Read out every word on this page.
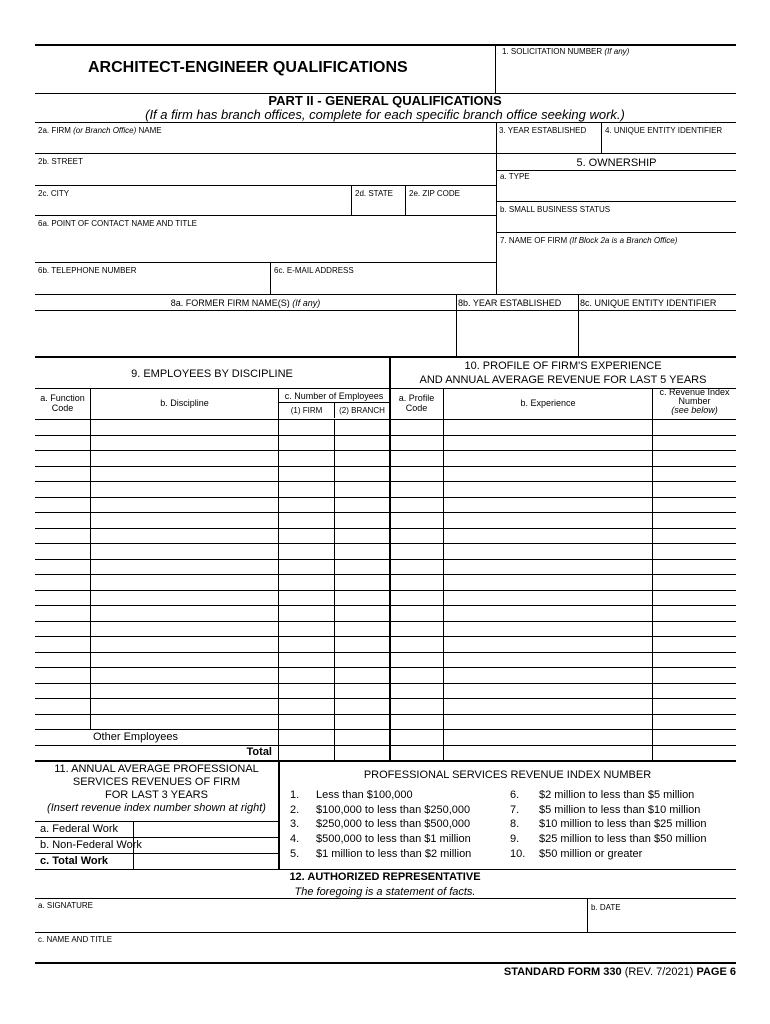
ARCHITECT-ENGINEER QUALIFICATIONS
1. SOLICITATION NUMBER (If any)
PART II - GENERAL QUALIFICATIONS
(If a firm has branch offices, complete for each specific branch office seeking work.)
2a. FIRM (or Branch Office) NAME	3. YEAR ESTABLISHED 4. UNIQUE ENTITY IDENTIFIER
2b. STREET	5. OWNERSHIP
a. TYPE
2c. CITY	2d. STATE 2e. ZIP CODE
b. SMALL BUSINESS STATUS
6a. POINT OF CONTACT NAME AND TITLE
7. NAME OF FIRM (If Block 2a is a Branch Office)
6b. TELEPHONE NUMBER	6c. E-MAIL ADDRESS
8a. FORMER FIRM NAME(S) (If any)	8b. YEAR ESTABLISHED 8c. UNIQUE ENTITY IDENTIFIER
9. EMPLOYEES BY DISCIPLINE
10. PROFILE OF FIRM'S EXPERIENCE
AND ANNUAL AVERAGE REVENUE FOR LAST 5 YEARS
a. Function
Code	b. Discipline
c. Number of Employees
(1) FIRM	(2) BRANCH
a. Profile
Code	b. Experience
c. Revenue Index
Number
(see below)
Other Employees
Total
11. ANNUAL AVERAGE PROFESSIONAL
SERVICES REVENUES OF FIRM
FOR LAST 3 YEARS
(Insert revenue index number shown at right)
a. Federal Work
b. Non-Federal Work
c. Total Work
PROFESSIONAL SERVICES REVENUE INDEX NUMBER
1. Less than $100,000
2. $100,000 to less than $250,000
3. $250,000 to less than $500,000
4. $500,000 to less than $1 million
5. $1 million to less than $2 million
6. $2 million to less than $5 million
7. $5 million to less than $10 million
8. $10 million to less than $25 million
9. $25 million to less than $50 million
10. $50 million or greater
12. AUTHORIZED REPRESENTATIVE
The foregoing is a statement of facts.
a. SIGNATURE	b. DATE
c. NAME AND TITLE
STANDARD FORM 330 (REV. 7/2021) PAGE 6
